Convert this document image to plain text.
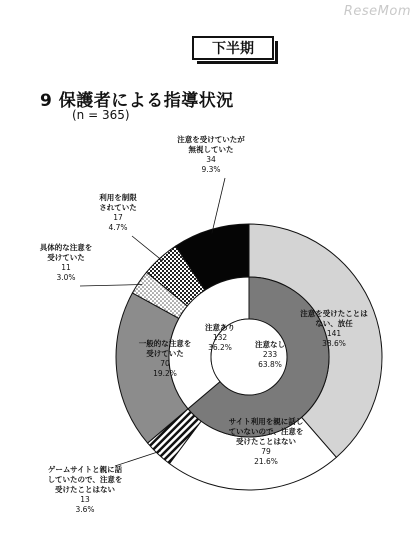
ReseMom
下半期
9 保護者による指導状況
(n = 365)
注意を受けたことは
ない、放任
141
38.6%
サイト利用を親に話し
ていないので、注意を
受けたことはない
79
21.6%
ゲームサイトと親に話
していたので、注意を
受けたことはない
13
3.6%
一般的な注意を
受けていた
70
19.2%
具体的な注意を
受けていた
11
3.0%
利用を制限
されていた
17
4.7%
注意を受けていたが
無視していた
34
9.3%
注意なし
233
63.8%
注意あり
132
36.2%
